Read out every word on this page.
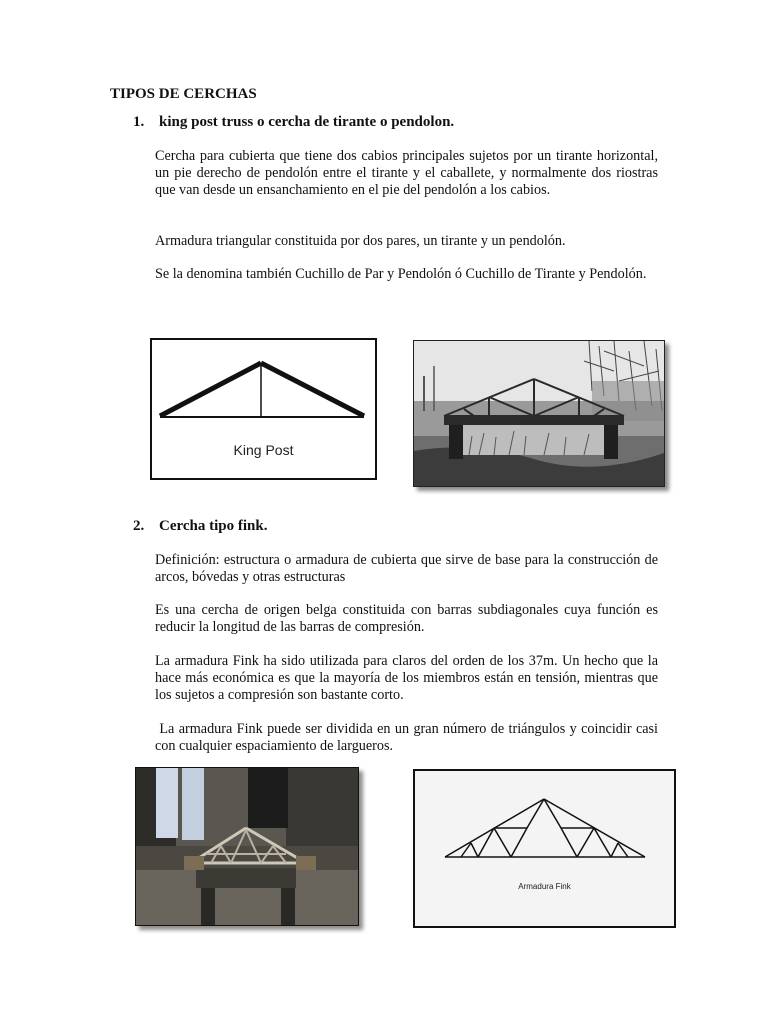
TIPOS DE CERCHAS
1. king post truss o cercha de tirante o pendolon.

Cercha para cubierta que tiene dos cabios principales sujetos por un tirante horizontal, un pie derecho de pendolón entre el tirante y el caballete, y normalmente dos riostras que van desde un ensanchamiento en el pie del pendolón a los cabios.

Armadura triangular constituida por dos pares, un tirante y un pendolón.

Se la denomina también Cuchillo de Par y Pendolón ó Cuchillo de Tirante y Pendolón.

King Post
2. Cercha tipo fink.

Definición: estructura o armadura de cubierta que sirve de base para la construcción de arcos, bóvedas y otras estructuras

Es una cercha de origen belga constituida con barras subdiagonales cuya función es reducir la longitud de las barras de compresión.

La armadura Fink ha sido utilizada para claros del orden de los 37m. Un hecho que la hace más económica es que la mayoría de los miembros están en tensión, mientras que los sujetos a compresión son bastante corto.

La armadura Fink puede ser dividida en un gran número de triángulos y coincidir casi con cualquier espaciamiento de largueros.

Armadura Fink
